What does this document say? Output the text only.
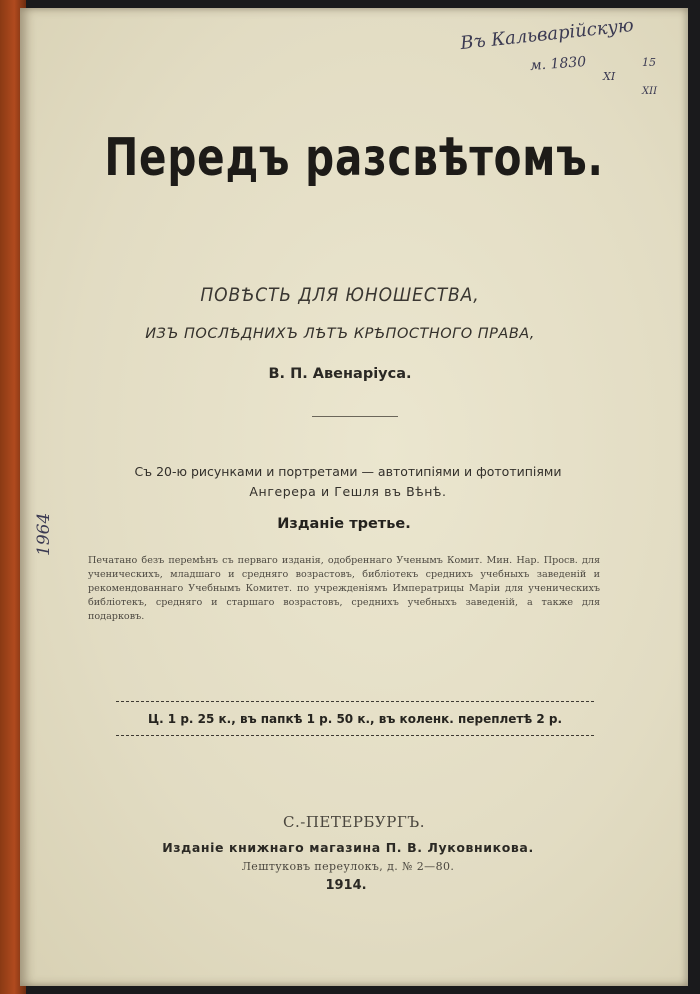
Въ Кальварійскую
м. 1830	15
XI
XII
1964
Передъ разсвѣтомъ.
ПОВѢСТЬ ДЛЯ ЮНОШЕСТВА,
ИЗЪ ПОСЛѢДНИХЪ ЛѢТЪ КРѢПОСТНОГО ПРАВА,
В. П. Авенаріуса.
Съ 20-ю рисунками и портретами — автотипіями и фототипіями
Ангерера и Гешля въ Вѣнѣ.
Изданіе третье.
Печатано безъ перемѣнъ съ перваго изданія, одобреннаго Ученымъ Комит. Мин. Нар. Просв. для ученическихъ, младшаго и средняго возрастовъ, библіотекъ среднихъ учебныхъ заведеній и рекомендованнаго Учебнымъ Комитет. по учрежденіямъ Императрицы Маріи для ученическихъ библіотекъ, средняго и старшаго возрастовъ, среднихъ учебныхъ заведеній, а также для подарковъ.
Ц. 1 р. 25 к., въ папкѣ 1 р. 50 к., въ коленк. переплетѣ 2 р.
С.-ПЕТЕРБУРГЪ.
Изданіе книжнаго магазина П. В. Луковникова.
Лештуковъ переулокъ, д. № 2—80.
1914.
